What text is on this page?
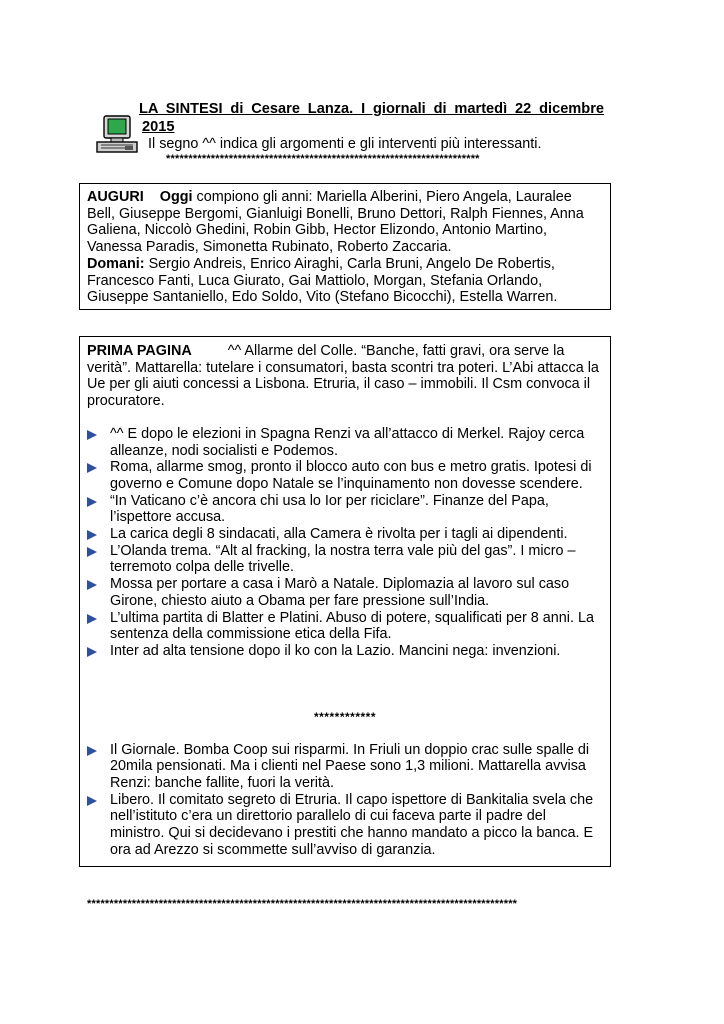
LA SINTESI di Cesare Lanza. I giornali di martedì 22 dicembre
2015
Il segno ^^ indica gli argomenti e gli interventi più interessanti.
**********************************************************************

AUGURI Oggi compiono gli anni: Mariella Alberini, Piero Angela, Lauralee Bell, Giuseppe Bergomi, Gianluigi Bonelli, Bruno Dettori, Ralph Fiennes, Anna Galiena, Niccolò Ghedini, Robin Gibb, Hector Elizondo, Antonio Martino, Vanessa Paradis, Simonetta Rubinato, Roberto Zaccaria.

Domani: Sergio Andreis, Enrico Airaghi, Carla Bruni, Angelo De Robertis, Francesco Fanti, Luca Giurato, Gai Mattiolo, Morgan, Stefania Orlando, Giuseppe Santaniello, Edo Soldo, Vito (Stefano Bicocchi), Estella Warren.

PRIMA PAGINA ^^ Allarme del Colle. “Banche, fatti gravi, ora serve la verità”. Mattarella: tutelare i consumatori, basta scontri tra poteri. L’Abi attacca la Ue per gli aiuti concessi a Lisbona. Etruria, il caso – immobili. Il Csm convoca il procuratore.

^^ E dopo le elezioni in Spagna Renzi va all’attacco di Merkel. Rajoy cerca alleanze, nodi socialisti e Podemos.
Roma, allarme smog, pronto il blocco auto con bus e metro gratis. Ipotesi di governo e Comune dopo Natale se l’inquinamento non dovesse scendere.
“In Vaticano c’è ancora chi usa lo Ior per riciclare”. Finanze del Papa, l’ispettore accusa.
La carica degli 8 sindacati, alla Camera è rivolta per i tagli ai dipendenti.
L’Olanda trema. “Alt al fracking, la nostra terra vale più del gas”. I micro – terremoto colpa delle trivelle.
Mossa per portare a casa i Marò a Natale. Diplomazia al lavoro sul caso Girone, chiesto aiuto a Obama per fare pressione sull’India.
L’ultima partita di Blatter e Platini. Abuso di potere, squalificati per 8 anni. La sentenza della commissione etica della Fifa.
Inter ad alta tensione dopo il ko con la Lazio. Mancini nega: invenzioni.
************
Il Giornale. Bomba Coop sui risparmi. In Friuli un doppio crac sulle spalle di 20mila pensionati. Ma i clienti nel Paese sono 1,3 milioni. Mattarella avvisa Renzi: banche fallite, fuori la verità.
Libero. Il comitato segreto di Etruria. Il capo ispettore di Bankitalia svela che nell’istituto c’era un direttorio parallelo di cui faceva parte il padre del ministro. Qui si decidevano i prestiti che hanno mandato a picco la banca. E ora ad Arezzo si scommette sull’avviso di garanzia.
************************************************************************************************
